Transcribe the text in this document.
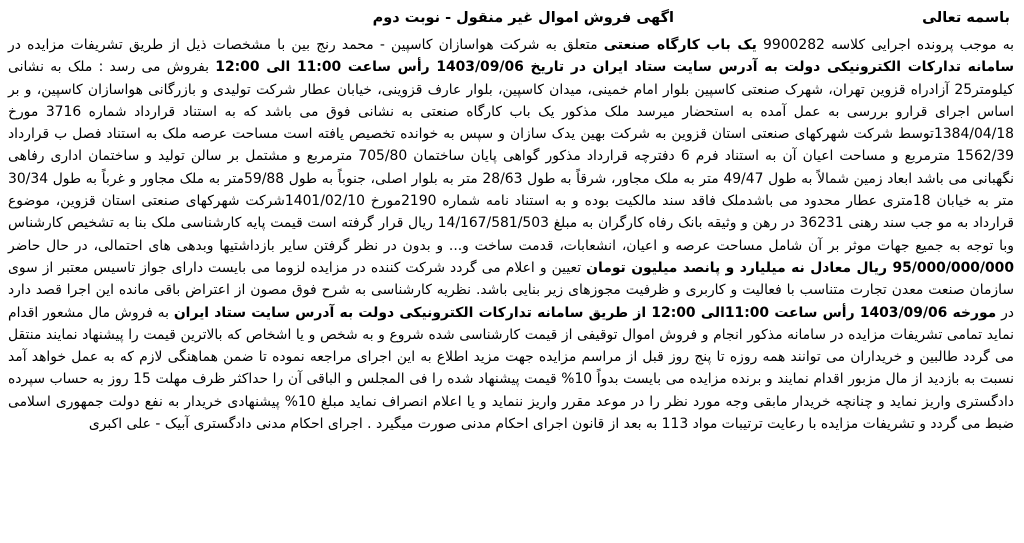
باسمه تعالی
اگهی فروش اموال غیر منقول - نوبت دوم

به موجب پرونده اجرایی کلاسه 9900282 یک باب کارگاه صنعتی متعلق به شرکت هواسازان کاسپین - محمد رنج بین با مشخصات ذیل از طریق تشریفات مزایده در سامانه تدارکات الکترونیکی دولت به آدرس سایت ستاد ایران در تاریخ 1403/09/06 رأس ساعت 11:00 الی 12:00 بفروش می رسد : ملک به نشانی کیلومتر25 آزادراه قزوین تهران، شهرک صنعتی کاسپین بلوار امام خمینی، میدان کاسپین، بلوار عارف قزوینی، خیابان عطار شرکت تولیدی و بازرگانی هواسازان کاسپین، و بر اساس اجرای قرارو بررسی به عمل آمده به استحضار میرسد ملک مذکور یک باب کارگاه صنعتی به نشانی فوق می باشد که به استناد قرارداد شماره 3716 مورخ 1384/04/18توسط شرکت شهرکهای صنعتی استان قزوین به شرکت بهین یدک سازان و سپس به خوانده تخصیص یافته است مساحت عرصه ملک به استناد فصل ب قرارداد 1562/39 مترمربع و مساحت اعیان آن به استناد فرم 6 دفترچه قرارداد مذکور گواهی پایان ساختمان 705/80 مترمربع و مشتمل بر سالن تولید و ساختمان اداری رفاهی نگهبانی می باشد ابعاد زمین شمالاً به طول 49/47 متر به ملک مجاور، شرقاً به طول 28/63 متر به بلوار اصلی، جنوباً به طول 59/88متر به ملک مجاور و غرباً به طول 30/34 متر به خیابان 18متری عطار محدود می باشدملک فاقد سند مالکیت بوده و به استناد نامه شماره 2190مورخ 1401/02/10شرکت شهرکهای صنعتی استان قزوین، موضوع قرارداد به مو جب سند رهنی 36231 در رهن و وثیقه بانک رفاه کارگران به مبلغ 14/167/581/503 ریال قرار گرفته است قیمت پایه کارشناسی ملک بنا به تشخیص کارشناس وبا توجه به جمیع جهات موثر بر آن شامل مساحت عرصه و اعیان، انشعابات، قدمت ساخت و... و بدون در نظر گرفتن سایر بازداشتیها وبدهی های احتمالی، در حال حاضر 95/000/000/000 ریال معادل نه میلیارد و پانصد میلیون تومان تعیین و اعلام می گردد شرکت کننده در مزایده لزوما می بایست دارای جواز تاسیس معتبر از سوی سازمان صنعت معدن تجارت متناسب با فعالیت و کاربری و ظرفیت مجوزهای زیر بنایی باشد. نظریه کارشناسی به شرح فوق مصون از اعتراض باقی مانده این اجرا قصد دارد در مورخه 1403/09/06 رأس ساعت 11:00الی 12:00 از طریق سامانه تدارکات الکترونیکی دولت به آدرس سایت ستاد ایران به فروش مال مشعور اقدام نماید تمامی تشریفات مزایده در سامانه مذکور انجام و فروش اموال توقیفی از قیمت کارشناسی شده شروع و به شخص و یا اشخاص که بالاترین قیمت را پیشنهاد نمایند منتقل می گردد طالبین و خریداران می توانند همه روزه تا پنج روز قبل از مراسم مزایده جهت مزید اطلاع به این اجرای مراجعه نموده تا ضمن هماهنگی لازم که به عمل خواهد آمد نسبت به بازدید از مال مزبور اقدام نمایند و برنده مزایده می بایست بدواً 10% قیمت پیشنهاد شده را فی المجلس و الباقی آن را حداکثر ظرف مهلت 15 روز به حساب سپرده دادگستری واریز نماید و چنانچه خریدار مابقی وجه مورد نظر را در موعد مقرر واریز ننماید و یا اعلام انصراف نماید مبلغ 10% پیشنهادی خریدار به نفع دولت جمهوری اسلامی ضبط می گردد و تشریفات مزایده با رعایت ترتیبات مواد 113 به بعد از قانون اجرای احکام مدنی صورت میگیرد . اجرای احکام مدنی دادگستری آبیک - علی اکبری
